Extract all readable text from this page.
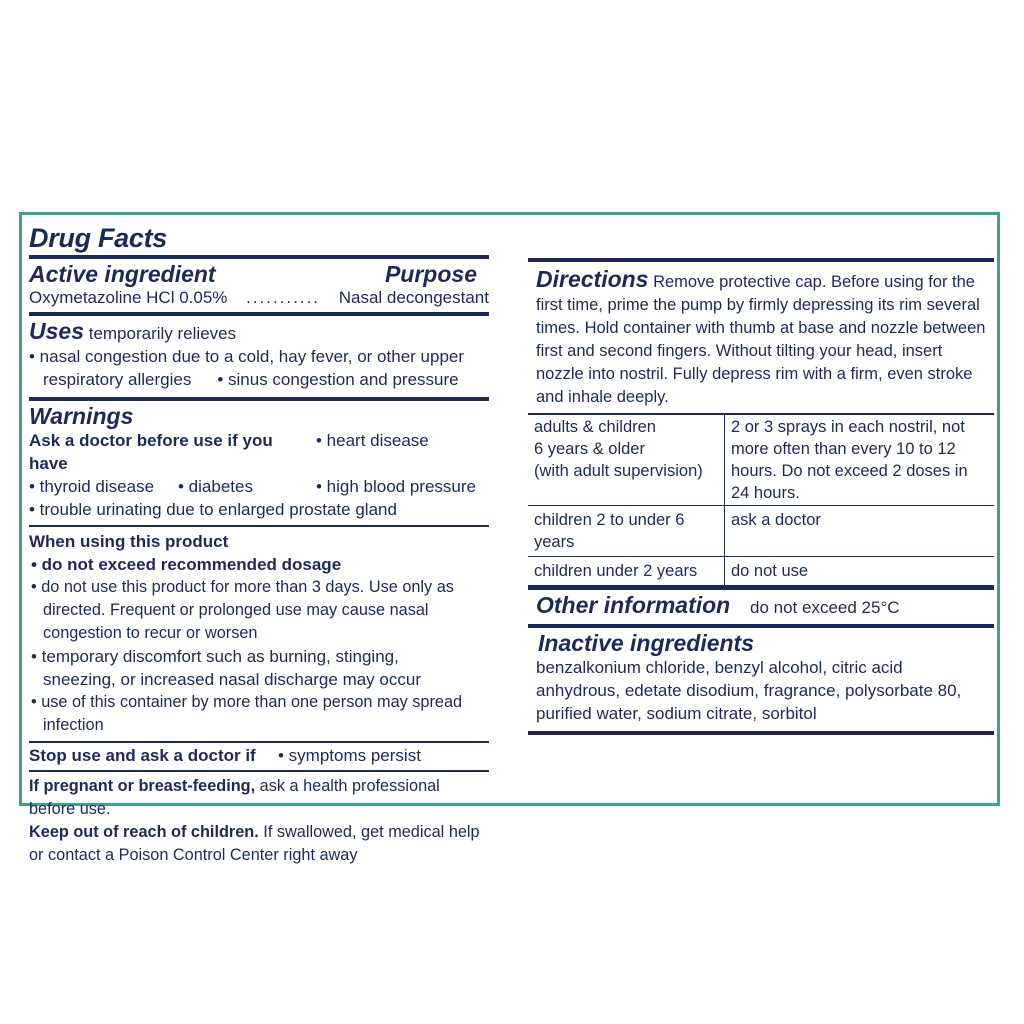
Drug Facts
Active ingredient	Purpose
Oxymetazoline HCl 0.05%	...........	Nasal decongestant
Uses temporarily relieves
• nasal congestion due to a cold, hay fever, or other upper
respiratory allergies • sinus congestion and pressure
Warnings
Ask a doctor before use if you have
• heart disease
• thyroid disease	• diabetes	• high blood pressure
• trouble urinating due to enlarged prostate gland
When using this product
• do not exceed recommended dosage
• do not use this product for more than 3 days. Use only as directed. Frequent or prolonged use may cause nasal congestion to recur or worsen
• temporary discomfort such as burning, stinging, sneezing, or increased nasal discharge may occur
• use of this container by more than one person may spread infection
Stop use and ask a doctor if	• symptoms persist
If pregnant or breast-feeding, ask a health professional before use.
Keep out of reach of children. If swallowed, get medical help or contact a Poison Control Center right away
Directions Remove protective cap. Before using for the first time, prime the pump by firmly depressing its rim several times. Hold container with thumb at base and nozzle between first and second fingers. Without tilting your head, insert nozzle into nostril. Fully depress rim with a firm, even stroke and inhale deeply.
adults & children
6 years & older
(with adult supervision)	2 or 3 sprays in each nostril, not more often than every 10 to 12 hours. Do not exceed 2 doses in 24 hours.
children 2 to under 6 years	ask a doctor
children under 2 years	do not use
Other information	do not exceed 25°C
Inactive ingredients
benzalkonium chloride, benzyl alcohol, citric acid anhydrous, edetate disodium, fragrance, polysorbate 80, purified water, sodium citrate, sorbitol
